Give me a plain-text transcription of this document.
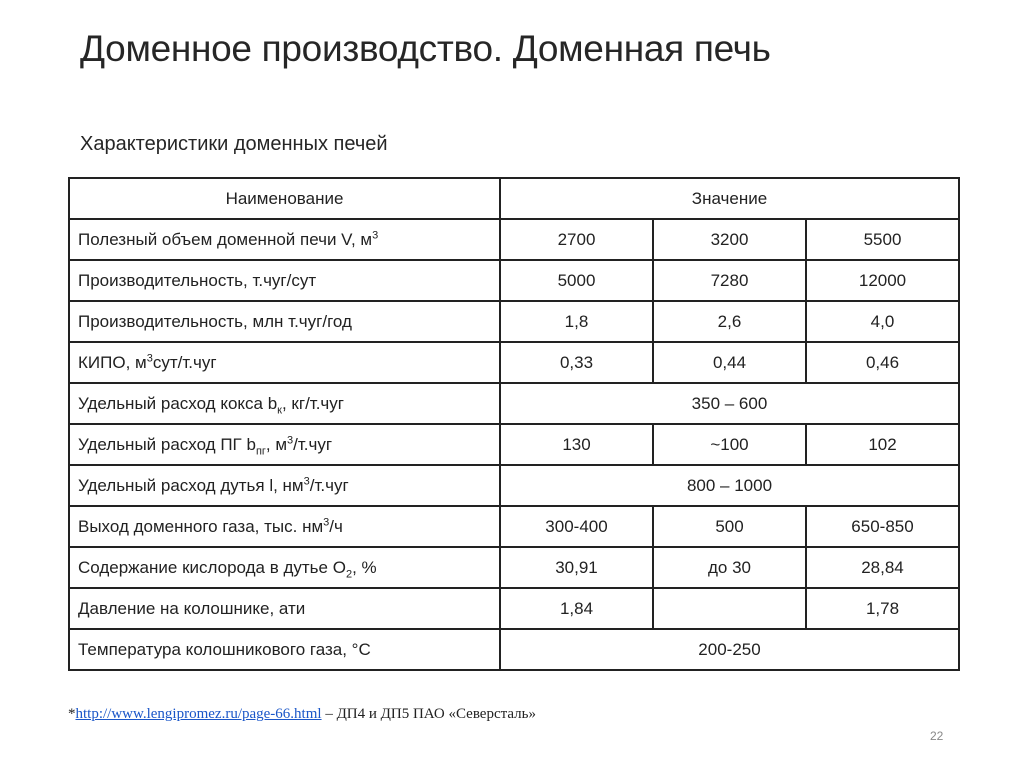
Доменное производство. Доменная печь
Характеристики доменных печей
Наименование	Значение		
Полезный объем доменной печи V, $м^3$	2700	3200	5500
Производительность, т.чуг/сут	5000	7280	12000
Производительность, млн т.чуг/год	1,8	2,6	4,0
КИПО, $м^3сут/т.чуг$	0,33	0,44	0,46
Удельный расход кокса $b_к$, кг/т.чуг	350 – 600		
Удельный расход ПГ $b_{пг}$, $м^3/т.чуг$	130	~100	102
Удельный расход дутья l, $нм^3/т.чуг$	800 – 1000		
Выход доменного газа, тыс. $нм^3/ч$	300-400	500	650-850
Содержание кислорода в дутье $O_2$, %	30,91	до 30	28,84
Давление на колошнике, ати	1,84		1,78
Температура колошникового газа, °C	200-250		
*http://www.lengipromez.ru/page-66.html – ДП4 и ДП5 ПАО «Северсталь»
22
